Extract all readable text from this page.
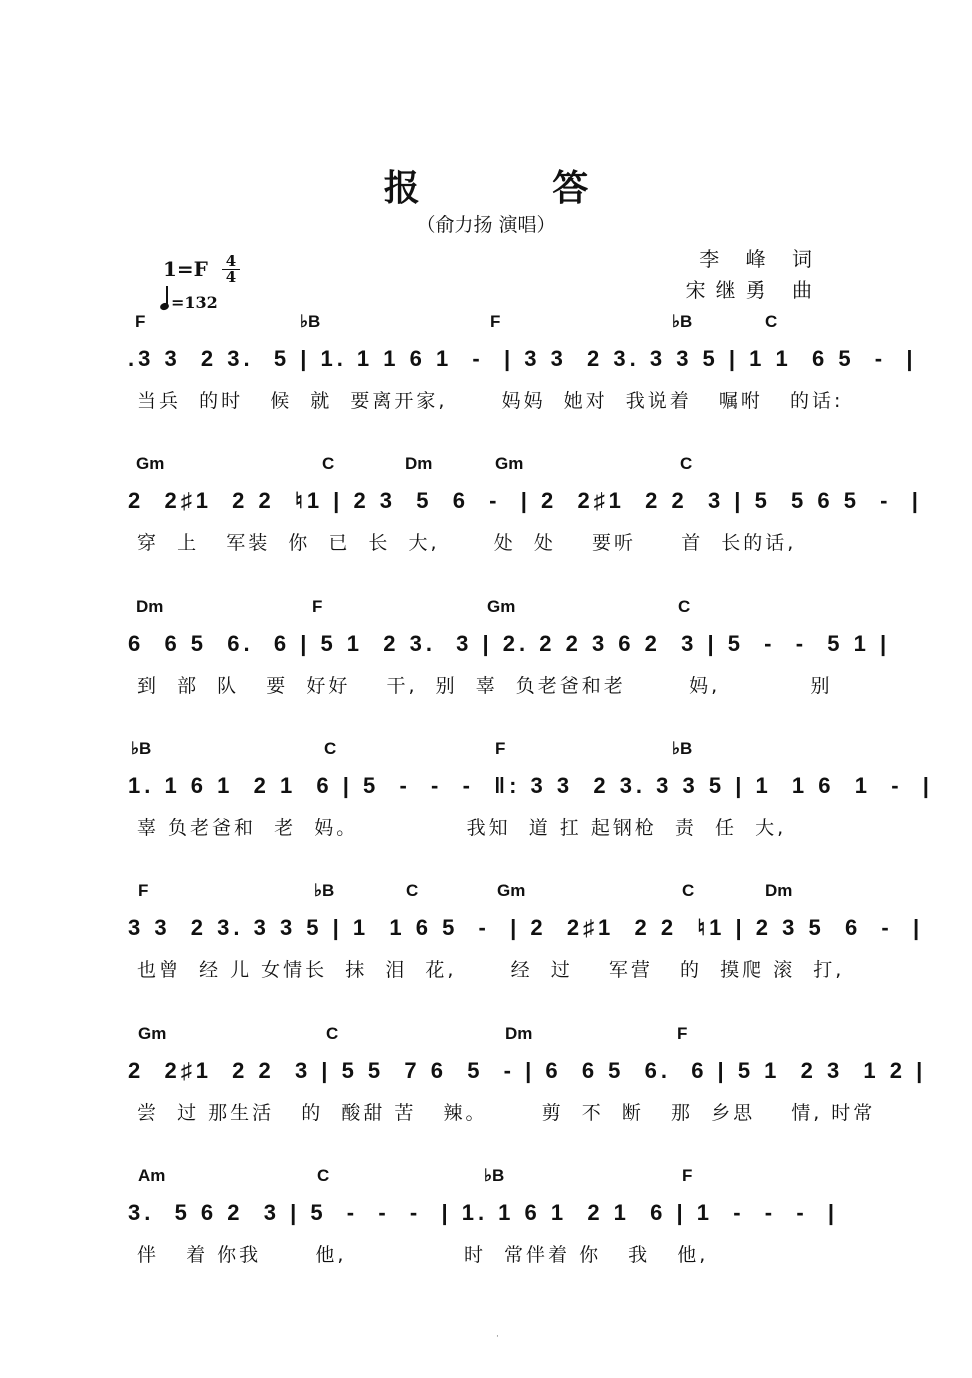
报 答
（俞力扬 演唱）
李 峰 词
宋继勇 曲
1=F 4
4
=132
F	♭B	F	♭B	C
.3 3  2 3.  5 | 1. 1 1 6 1  -  | 3 3  2 3. 3 3 5 | 1 1  6 5  -  |
当兵  的时   候  就  要离开家,      妈妈  她对  我说着   嘱咐   的话:
Gm	C	Dm	Gm	C
2  2♯1  2 2  ♮1 | 2 3  5  6  -  | 2  2♯1  2 2  3 | 5  5 6 5  -  |
穿  上   军装  你  已  长  大,      处  处    要听     首  长的话,
Dm	F	Gm	C
6  6 5  6.  6 | 5 1  2 3.  3 | 2. 2 2 3 6 2  3 | 5  -  -  5 1 |
到  部  队   要  好好    干,  别  辜  负老爸和老       妈,          别
♭B	C	F	♭B
1. 1 6 1  2 1  6 | 5  -  -  -  ‖: 3 3  2 3. 3 3 5 | 1  1 6  1  -  |
辜 负老爸和  老  妈。            我知  道 扛 起钢枪  责  任  大,
F	♭B	C	Gm	C	Dm
3 3  2 3. 3 3 5 | 1  1 6 5  -  | 2  2♯1  2 2  ♮1 | 2 3 5  6  -  |
也曾  经 儿 女情长  抹  泪  花,      经  过    军营   的  摸爬 滚  打,
Gm	C	Dm	F
2  2♯1  2 2  3 | 5 5  7 6  5  - | 6  6 5  6.  6 | 5 1  2 3  1 2 |
尝  过 那生活   的  酸甜 苦   辣。      剪  不  断   那  乡思    情, 时常
Am	C	♭B	F
3.  5 6 2  3 | 5  -  -  -  | 1. 1 6 1  2 1  6 | 1  -  -  -  |
伴   着 你我      他,             时  常伴着 你   我   他,
·
